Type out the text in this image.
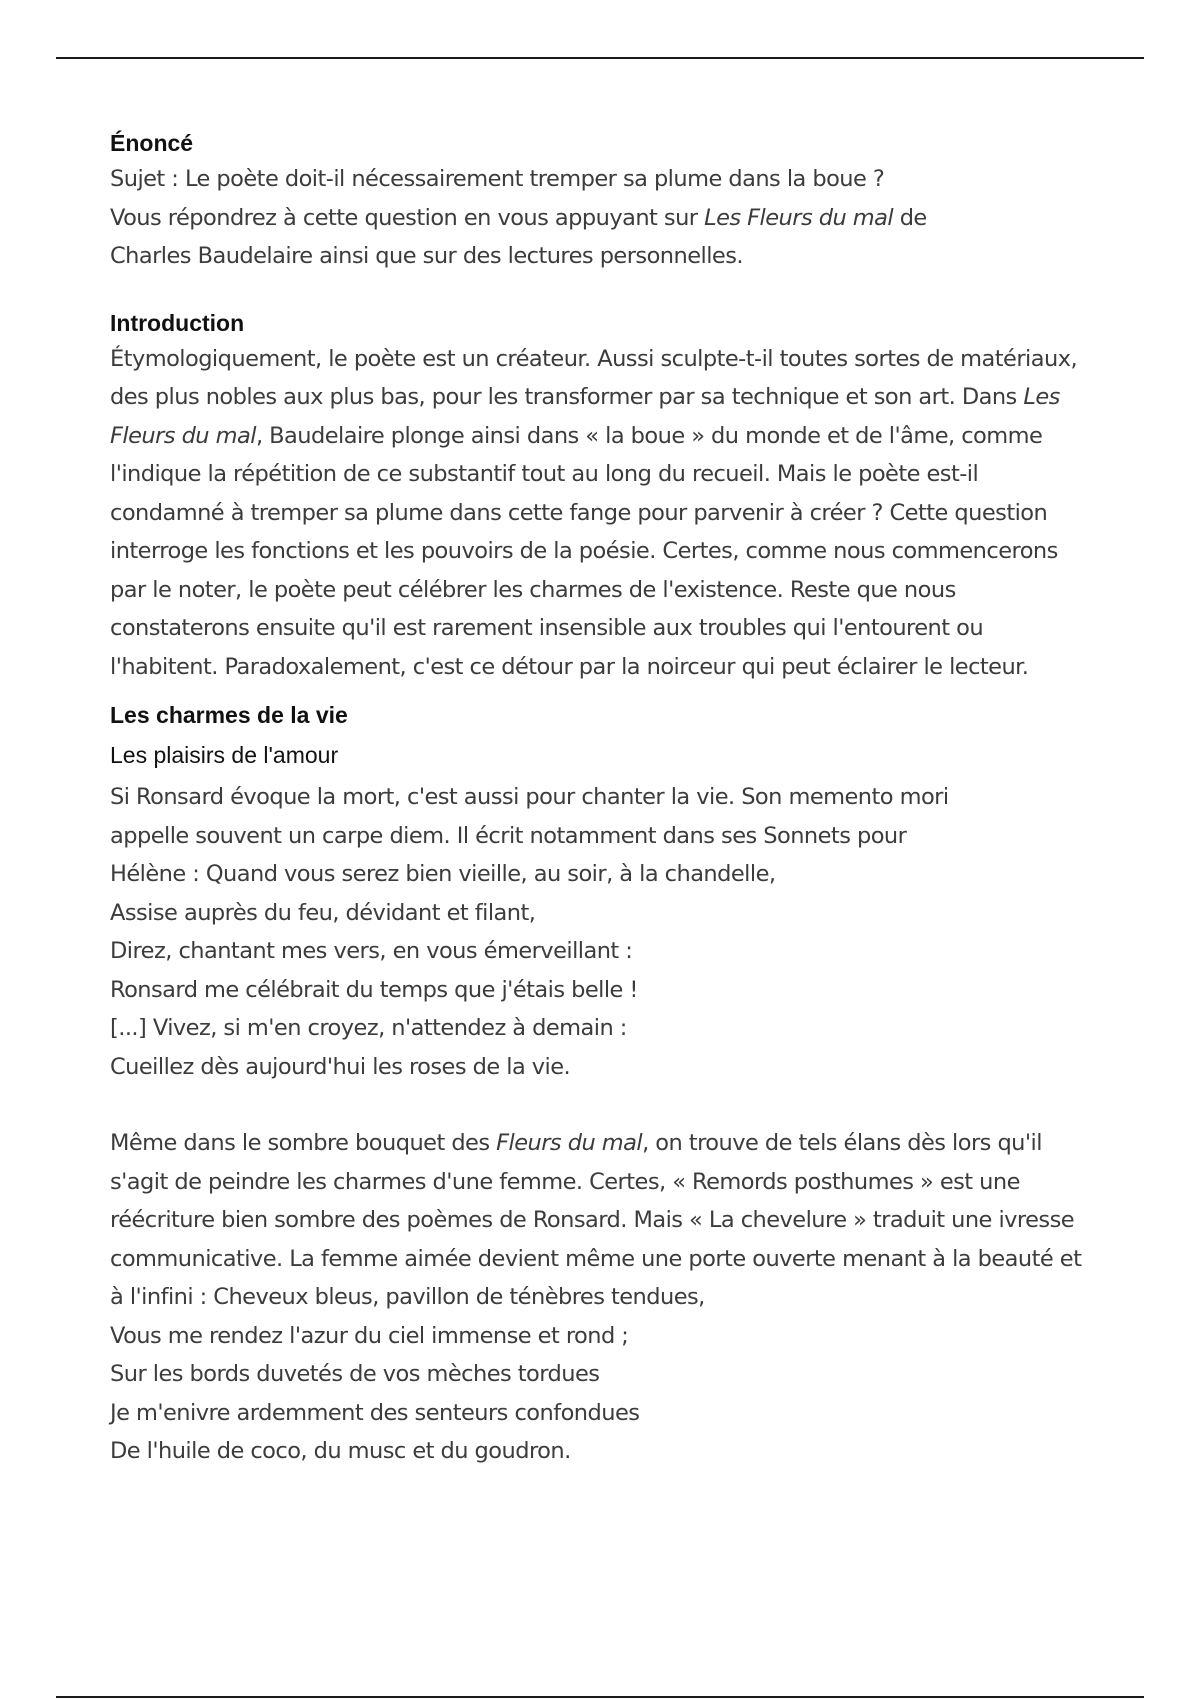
Énoncé

Sujet : Le poète doit-il nécessairement tremper sa plume dans la boue ?
Vous répondrez à cette question en vous appuyant sur Les Fleurs du mal de Charles Baudelaire ainsi que sur des lectures personnelles.

Introduction

Étymologiquement, le poète est un créateur. Aussi sculpte-t-il toutes sortes de matériaux, des plus nobles aux plus bas, pour les transformer par sa technique et son art. Dans Les Fleurs du mal, Baudelaire plonge ainsi dans « la boue » du monde et de l'âme, comme l'indique la répétition de ce substantif tout au long du recueil. Mais le poète est-il condamné à tremper sa plume dans cette fange pour parvenir à créer ? Cette question interroge les fonctions et les pouvoirs de la poésie. Certes, comme nous commencerons par le noter, le poète peut célébrer les charmes de l'existence. Reste que nous constaterons ensuite qu'il est rarement insensible aux troubles qui l'entourent ou l'habitent. Paradoxalement, c'est ce détour par la noirceur qui peut éclairer le lecteur.

Les charmes de la vie
Les plaisirs de l'amour

Si Ronsard évoque la mort, c'est aussi pour chanter la vie. Son memento mori
appelle souvent un carpe diem. Il écrit notamment dans ses Sonnets pour
Hélène : Quand vous serez bien vieille, au soir, à la chandelle,
Assise auprès du feu, dévidant et filant,
Direz, chantant mes vers, en vous émerveillant :
Ronsard me célébrait du temps que j'étais belle !
[...] Vivez, si m'en croyez, n'attendez à demain :
Cueillez dès aujourd'hui les roses de la vie.

Même dans le sombre bouquet des Fleurs du mal, on trouve de tels élans dès lors qu'il s'agit de peindre les charmes d'une femme. Certes, « Remords posthumes » est une réécriture bien sombre des poèmes de Ronsard. Mais « La chevelure » traduit une ivresse communicative. La femme aimée devient même une porte ouverte menant à la beauté et à l'infini : Cheveux bleus, pavillon de ténèbres tendues,
Vous me rendez l'azur du ciel immense et rond ;
Sur les bords duvetés de vos mèches tordues
Je m'enivre ardemment des senteurs confondues
De l'huile de coco, du musc et du goudron.
